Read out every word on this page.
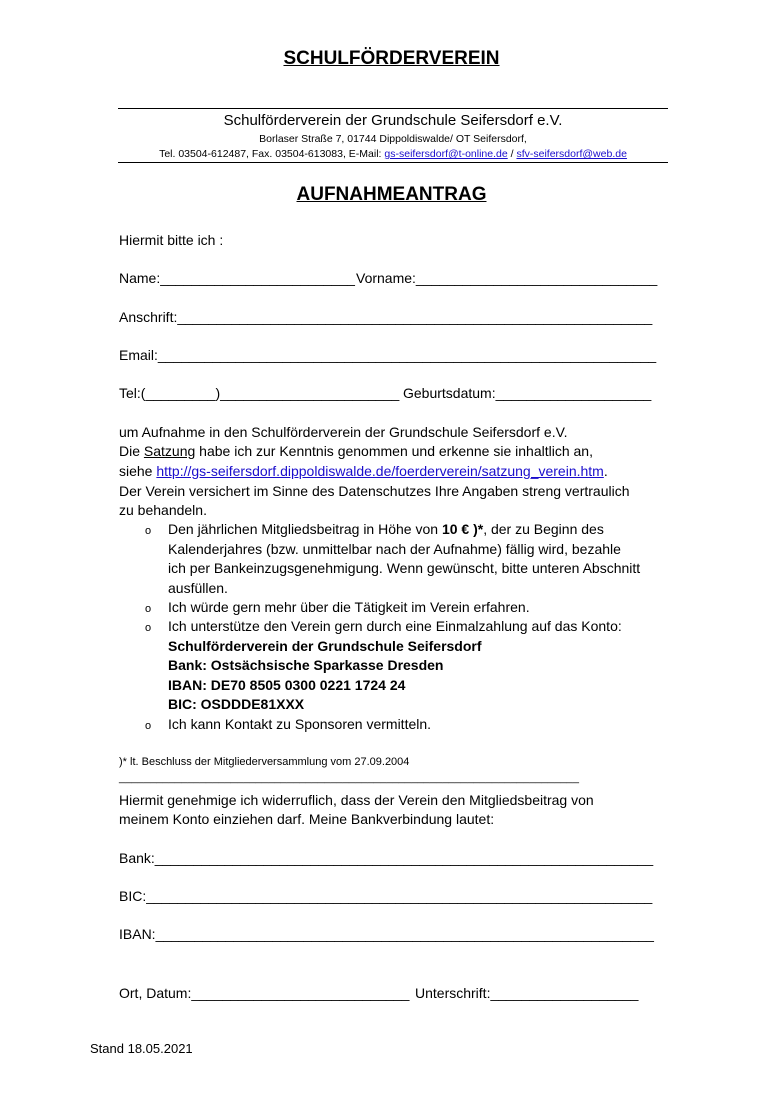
SCHULFÖRDERVEREIN
Schulförderverein der Grundschule Seifersdorf e.V.
Borlaser Straße 7, 01744 Dippoldiswalde/ OT Seifersdorf,
Tel. 03504-612487, Fax. 03504-613083, E-Mail: gs-seifersdorf@t-online.de / sfv-seifersdorf@web.de
AUFNAHMEANTRAG
Hiermit bitte ich :
Name:_________________________ Vorname:_______________________________
Anschrift:_____________________________________________________________
Email:________________________________________________________________
Tel:(_________)_______________________ Geburtsdatum:____________________
um Aufnahme in den Schulförderverein der Grundschule Seifersdorf e.V.
Die Satzung habe ich zur Kenntnis genommen und erkenne sie inhaltlich an,
siehe http://gs-seifersdorf.dippoldiswalde.de/foerderverein/satzung_verein.htm.
Der Verein versichert im Sinne des Datenschutzes Ihre Angaben streng vertraulich
zu behandeln.
o Den jährlichen Mitgliedsbeitrag in Höhe von 10 € )*, der zu Beginn des
Kalenderjahres (bzw. unmittelbar nach der Aufnahme) fällig wird, bezahle
ich per Bankeinzugsgenehmigung. Wenn gewünscht, bitte unteren Abschnitt
ausfüllen.
o Ich würde gern mehr über die Tätigkeit im Verein erfahren.
o Ich unterstütze den Verein gern durch eine Einmalzahlung auf das Konto:
Schulförderverein der Grundschule Seifersdorf
Bank: Ostsächsische Sparkasse Dresden
IBAN: DE70 8505 0300 0221 1724 24
BIC: OSDDDE81XXX
o Ich kann Kontakt zu Sponsoren vermitteln.
)* lt. Beschluss der Mitgliederversammlung vom 27.09.2004
__________________________________________________________________________
Hiermit genehmige ich widerruflich, dass der Verein den Mitgliedsbeitrag von
meinem Konto einziehen darf. Meine Bankverbindung lautet:
Bank:________________________________________________________________
BIC:_________________________________________________________________
IBAN:________________________________________________________________
Ort, Datum:____________________________ Unterschrift:___________________
Stand 18.05.2021
